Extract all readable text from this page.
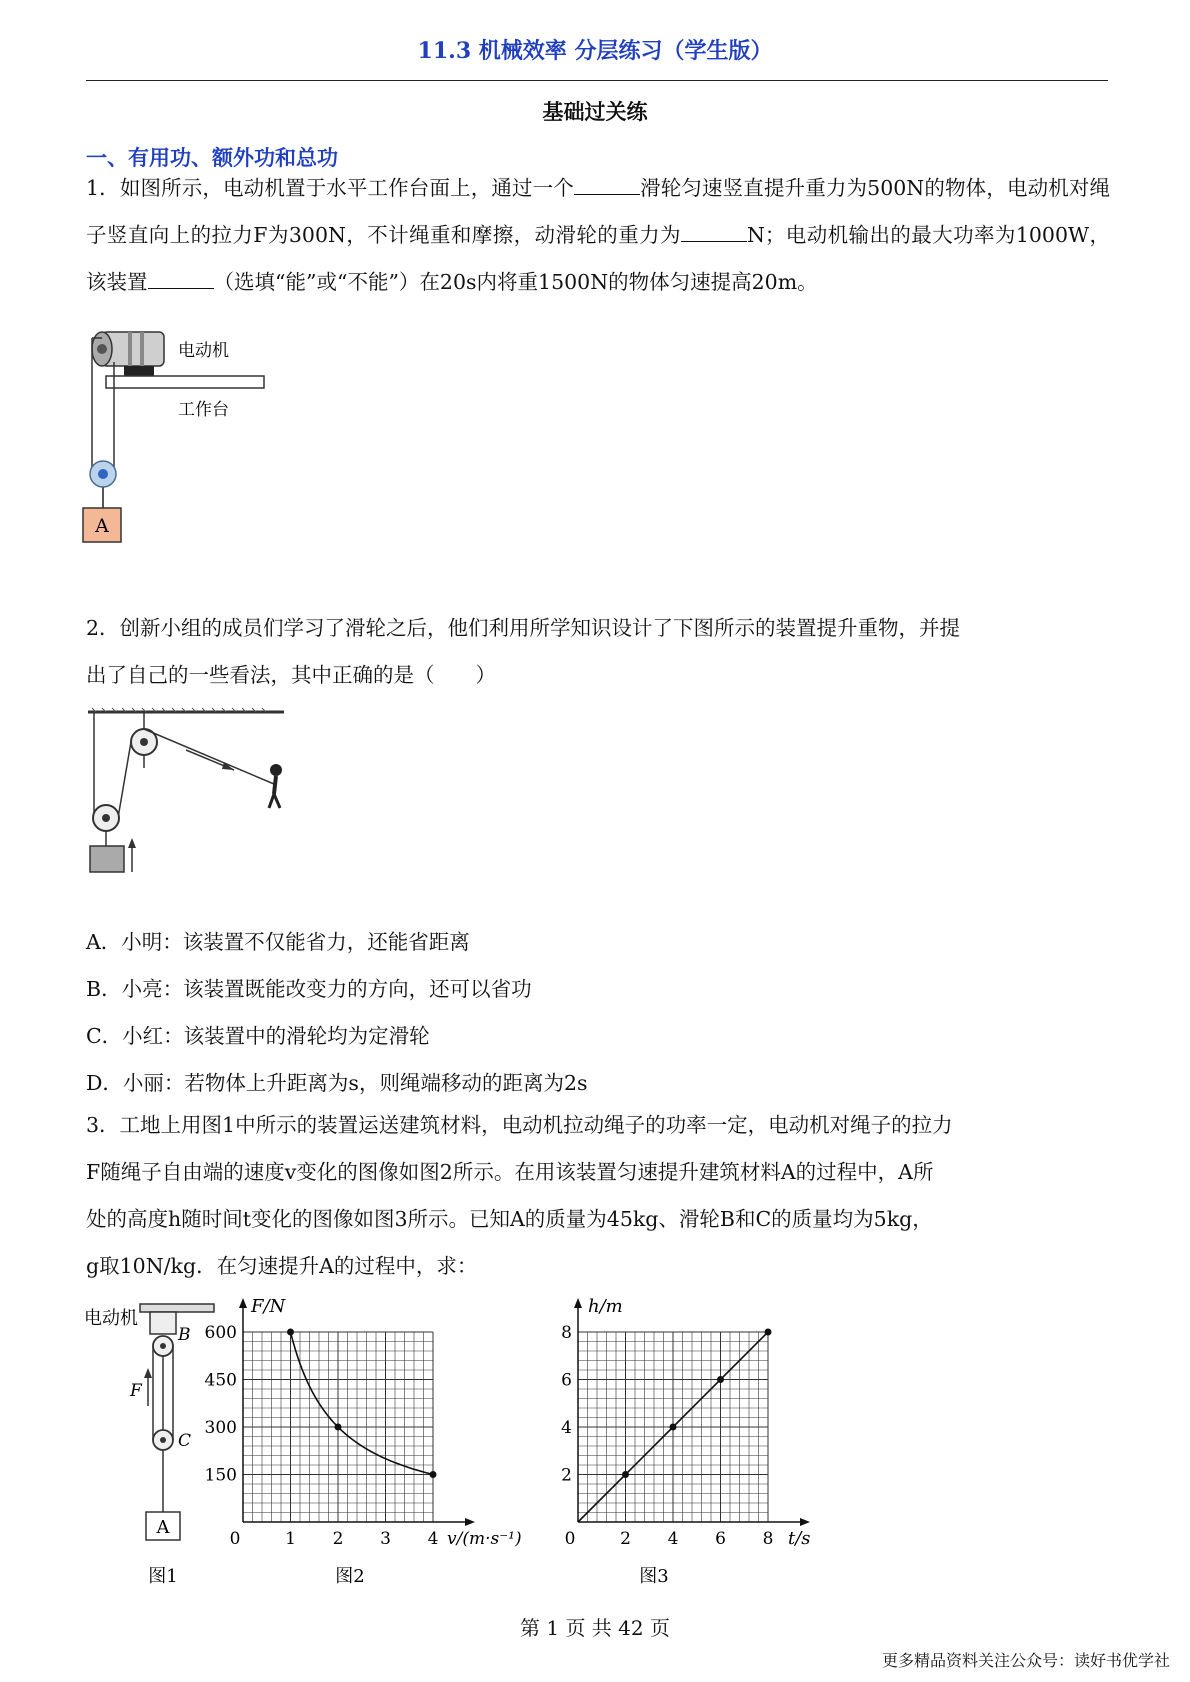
11.3 机械效率 分层练习（学生版）
基础过关练
一、有用功、额外功和总功
1．如图所示，电动机置于水平工作台面上，通过一个	滑轮匀速竖直提升重力为500N的物体，电动机对绳子竖直向上的拉力F为300N，不计绳重和摩擦，动滑轮的重力为	N；电动机输出的最大功率为1000W，该装置	（选填“能”或“不能”）在20s内将重1500N的物体匀速提高20m。
电动机
工作台
A
2．创新小组的成员们学习了滑轮之后，他们利用所学知识设计了下图所示的装置提升重物，并提
出了自己的一些看法，其中正确的是（　　）
A．小明：该装置不仅能省力，还能省距离
B．小亮：该装置既能改变力的方向，还可以省功
C．小红：该装置中的滑轮均为定滑轮
D．小丽：若物体上升距离为s，则绳端移动的距离为2s
3．工地上用图1中所示的装置运送建筑材料，电动机拉动绳子的功率一定，电动机对绳子的拉力
F随绳子自由端的速度v变化的图像如图2所示。在用该装置匀速提升建筑材料A的过程中，A所
处的高度h随时间t变化的图像如图3所示。已知A的质量为45kg、滑轮B和C的质量均为5kg，
g取10N/kg．在匀速提升A的过程中，求：
电动机
B
F
C
A
图1
0	1 2 3 4
150
300
450
600
F/N
v/(m·s⁻¹)
图2
0	2 4 6 8
2
4
6
8
h/m
t/s
图3
第 1 页 共 42 页
更多精品资料关注公众号：读好书优学社
